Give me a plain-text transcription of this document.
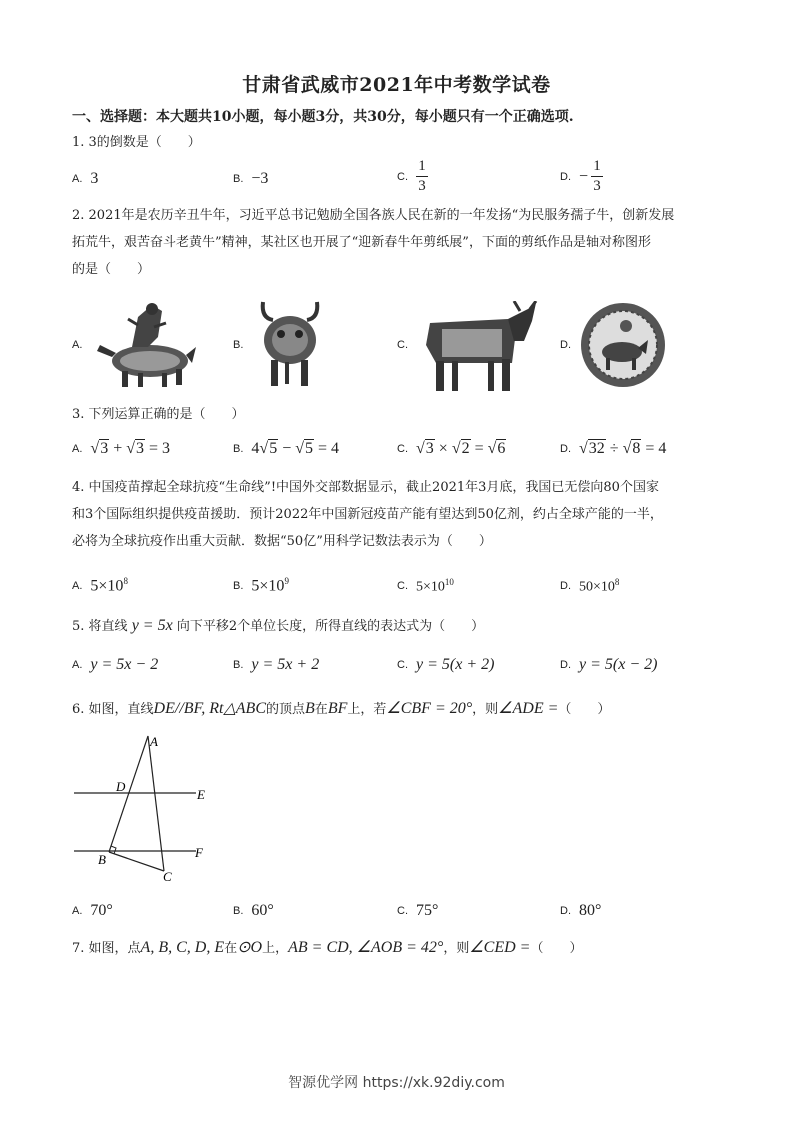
甘肃省武威市2021年中考数学试卷
一、选择题：本大题共10小题，每小题3分，共30分，每小题只有一个正确选项.
1. 3的倒数是（　　）
A. 3	B. −3	C. $\frac{1}{3}$	D. − $\frac{1}{3}$
2. 2021年是农历辛丑牛年，习近平总书记勉励全国各族人民在新的一年发扬“为民服务孺子牛，创新发展
拓荒牛，艰苦奋斗老黄牛”精神，某社区也开展了“迎新春牛年剪纸展”，下面的剪纸作品是轴对称图形
的是（　　）
A.	B.	C.	D.
3. 下列运算正确的是（　　）
A. √3 + √3 = 3	B. 4√5 − √5 = 4	C. √3 × √2 = √6	D. √32 ÷ √8 = 4
4. 中国疫苗撑起全球抗疫“生命线”!中国外交部数据显示，截止2021年3月底，我国已无偿向80个国家
和3个国际组织提供疫苗援助．预计2022年中国新冠疫苗产能有望达到50亿剂，约占全球产能的一半，
必将为全球抗疫作出重大贡献．数据“50亿”用科学记数法表示为（　　）
A. $5\times 10^8$	B. $5\times 10^9$	C. $5\times 10^{10}$	D. $50\times 10^8$
5. 将直线 y = 5x 向下平移2个单位长度，所得直线的表达式为（　　）
A. y = 5x − 2	B. y = 5x + 2	C. y = 5(x + 2)	D. y = 5(x − 2)
6. 如图，直线DE//BF, Rt△ABC的顶点B在BF上，若∠CBF = 20°，则∠ADE =（　　）
A
D
E
B	F
C
A. 70°	B. 60°	C. 75°	D. 80°
7. 如图，点A, B, C, D, E在⊙O上，AB = CD, ∠AOB = 42°，则∠CED =（　　）
智源优学网 https://xk.92diy.com
